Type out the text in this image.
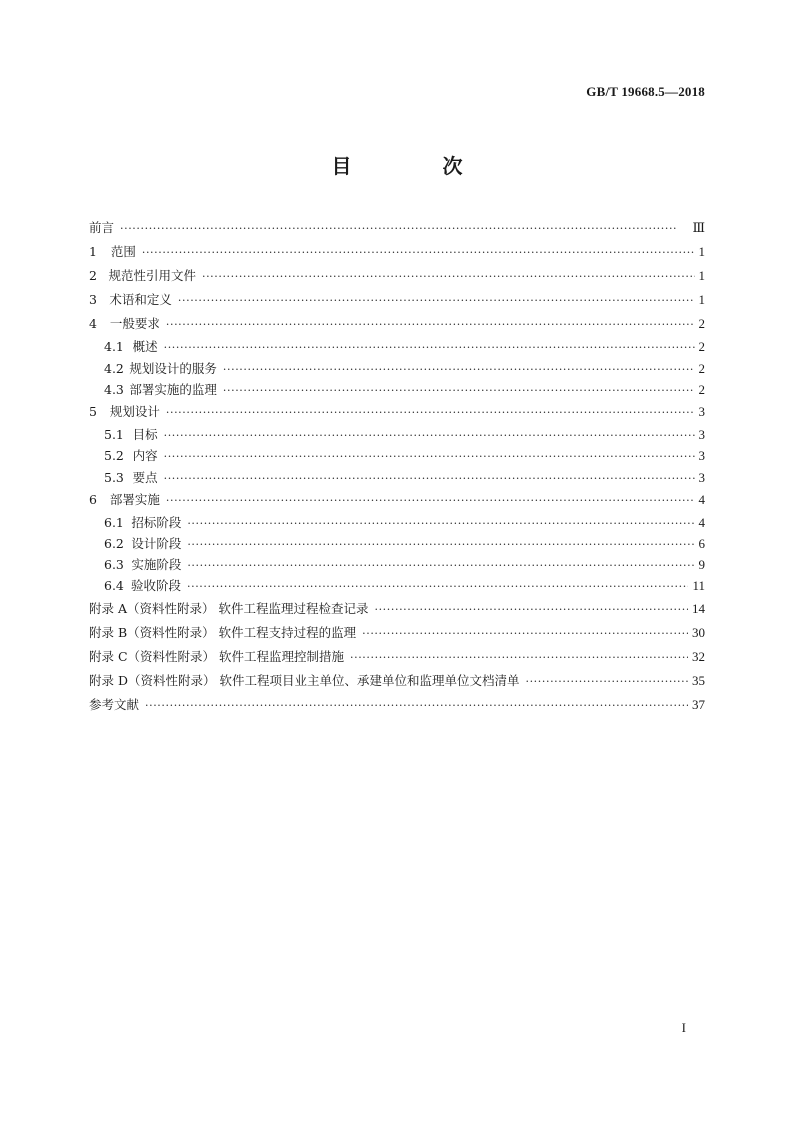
GB/T 19668.5—2018
目 次
前言 ·····	Ⅲ
1	范围 ·····	1
2 规范性引用文件 ·····	1
3 术语和定义 ·····	1
4	一般要求 ·····	2
4.1 概述 ·····	2
4.2 规划设计的服务 ·····	2
4.3 部署实施的监理 ·····	2
5	规划设计 ·····	3
5.1 目标 ·····	3
5.2 内容 ·····	3
5.3 要点 ·····	3
6	部署实施 ·····	4
6.1 招标阶段 ·····	4
6.2 设计阶段 ·····	6
6.3 实施阶段 ·····	9
6.4 验收阶段 ·····	11
附录 A（资料性附录） 软件工程监理过程检查记录 ·····	14
附录 B（资料性附录） 软件工程支持过程的监理 ·····	30
附录 C（资料性附录） 软件工程监理控制措施 ·····	32
附录 D（资料性附录） 软件工程项目业主单位、承建单位和监理单位文档清单 ·····	35
参考文献 ·····	37
I
